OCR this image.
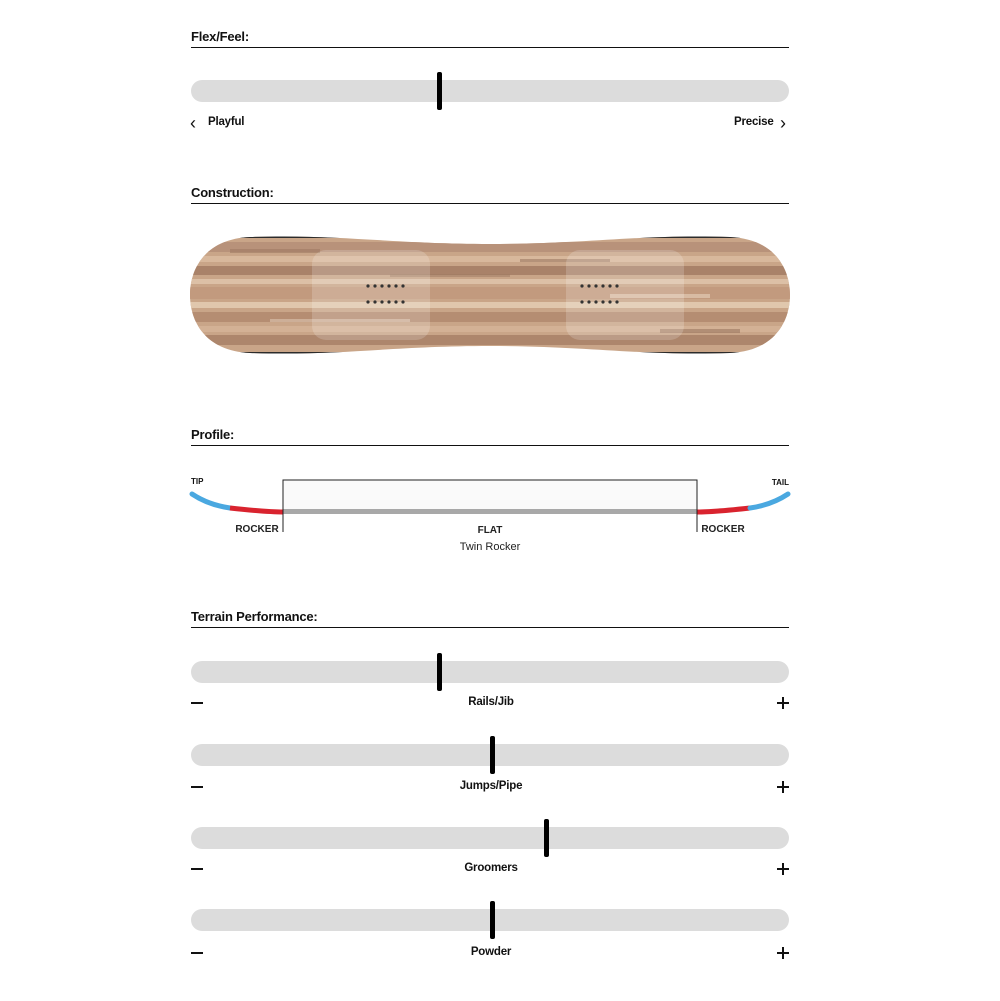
Flex/Feel:
‹ Playful	Precise ›
Construction:
Profile:
TIP	TAIL
ROCKER	FLAT	ROCKER
Twin Rocker
Terrain Performance:
Rails/Jib
Jumps/Pipe
Groomers
Powder
